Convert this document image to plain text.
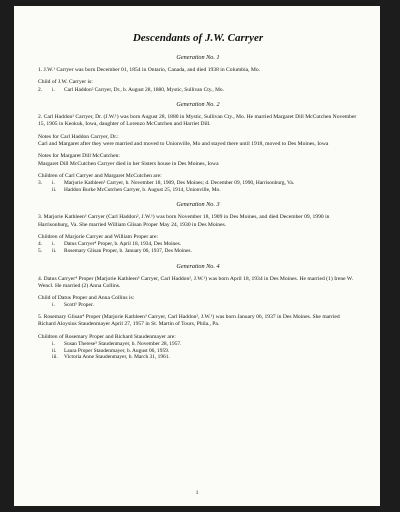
Descendants of J.W. Carryer
Generation No. 1

1. J.W.¹ Carryer was born December 01, 1854 in Ontario, Canada, and died 1938 in Columbia, Mo.

Child of J.W. Carryer is:

2.	i.	Carl Haddon² Carryer, Dr., b. August 28, 1880, Mystic, Sullivan Cty., Mo.
Generation No. 2

2. Carl Haddon² Carryer, Dr. (J.W.¹) was born August 28, 1880 in Mystic, Sullivan Cty., Mo. He married Margaret Dill McCutchen November 15, 1905 in Keokuk, Iowa, daughter of Lorenzo McCutchen and Harriet Dill.

Notes for Carl Haddon Carryer, Dr.:

Carl and Margaret after they were married and moved to Unionville, Mo and stayed there until 1918, moved to Des Moines, Iowa

Notes for Margaret Dill McCutchen:

Margaret Dill McCutchen Carryer died in her Sisters house in Des Moines, Iowa

Children of Carl Carryer and Margaret McCutchen are:

3.	i.	Marjorie Kathleen³ Carryer, b. November 18, 1909, Des Moines; d. December 09, 1990, Harrisonburg, Va.
ii.	Haddon Burke McCutchen Carryer, b. August 25, 1914, Unionville, Mo.
Generation No. 3

3. Marjorie Kathleen³ Carryer (Carl Haddon², J.W.¹) was born November 18, 1909 in Des Moines, and died December 09, 1990 in Harrisonburg, Va. She married William Glisan Proper May 24, 1930 in Des Moines.

Children of Marjorie Carryer and William Proper are:

4.	i.	Datus Carryer⁴ Proper, b. April 18, 1934, Des Moines.
5.	ii.	Rosemary Glisan Proper, b. January 06, 1937, Des Moines.
Generation No. 4

4. Datus Carryer⁴ Proper (Marjorie Kathleen³ Carryer, Carl Haddon², J.W.¹) was born April 18, 1934 in Des Moines. He married (1) Irene W. Wencl. He married (2) Anna Collins.

Child of Datus Proper and Anna Collins is:

i.	Scott⁵ Proper.

5. Rosemary Glisan⁴ Proper (Marjorie Kathleen³ Carryer, Carl Haddon², J.W.¹) was born January 06, 1937 in Des Moines. She married Richard Aloysius Staudenmayer April 27, 1957 in St. Martin of Tours, Phila., Pa.

Children of Rosemary Proper and Richard Staudenmayer are:

i.	Susan Therese⁵ Staudenmayer, b. November 28, 1957.
ii.	Laura Proper Staudenmayer, b. August 06, 1959.
iii.	Victoria Anne Staudenmayer, b. March 31, 1961.
1
